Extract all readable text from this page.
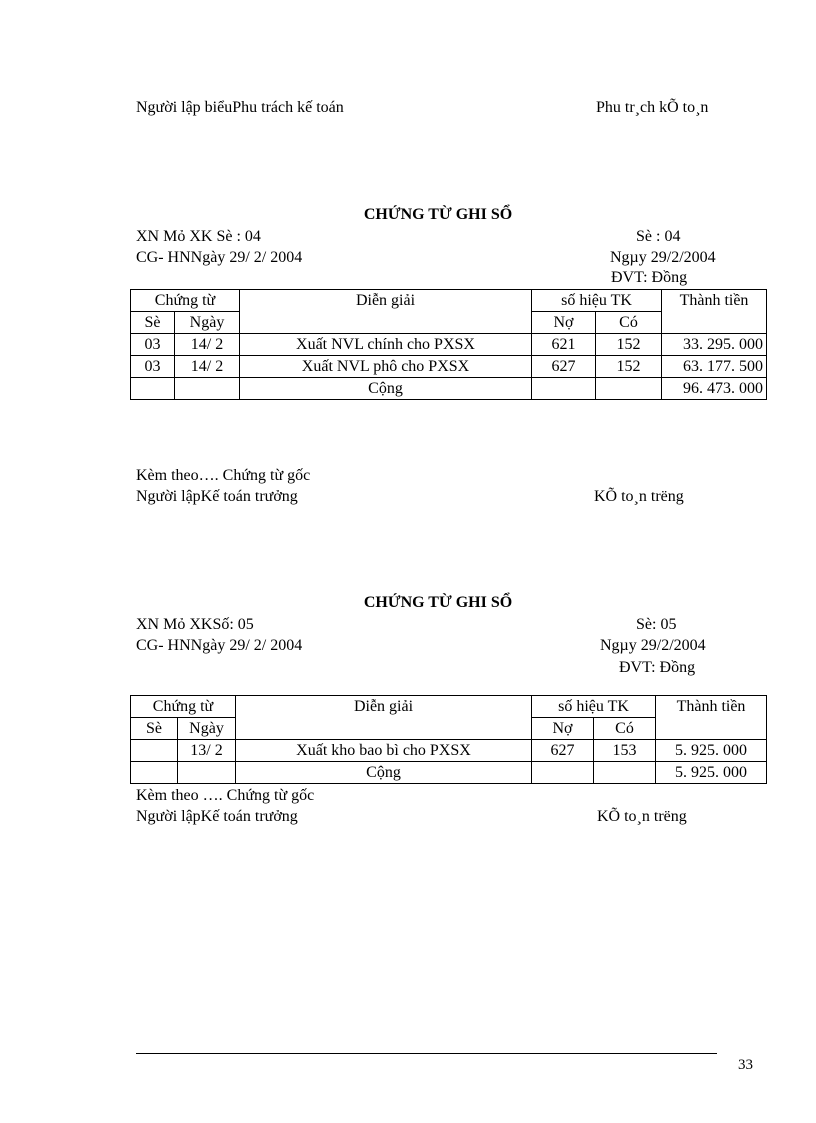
Người lập biểuPhu trách kế toán	Phu tr¸ch kÕ to¸n
CHỨNG TỪ GHI SỔ
XN Mỏ XK Sè : 04	Sè : 04
CG- HNNgày 29/ 2/ 2004	Ngµy 29/2/2004
ĐVT: Đồng
Chứng từ		Diễn giải	số hiệu TK		Thành tiền
Sè	Ngày		Nợ	Có	
03	14/ 2	Xuất NVL chính cho PXSX	621	152	33. 295. 000
03	14/ 2	Xuất NVL phô cho PXSX	627	152	63. 177. 500
		Cộng			96. 473. 000
Kèm theo…. Chứng từ gốc
Người lậpKế toán trưởng	KÕ to¸n trëng
CHỨNG TỪ GHI SỔ
XN Mỏ XKSố: 05	Sè: 05
CG- HNNgày 29/ 2/ 2004	Ngµy 29/2/2004
ĐVT: Đồng
Chứng từ		Diễn giải	số hiệu TK		Thành tiền
Sè	Ngày		Nợ	Có	
	13/ 2	Xuất kho bao bì cho PXSX	627	153	5. 925. 000
		Cộng			5. 925. 000
Kèm theo …. Chứng từ gốc
Người lậpKế toán trưởng	KÕ to¸n trëng
33
